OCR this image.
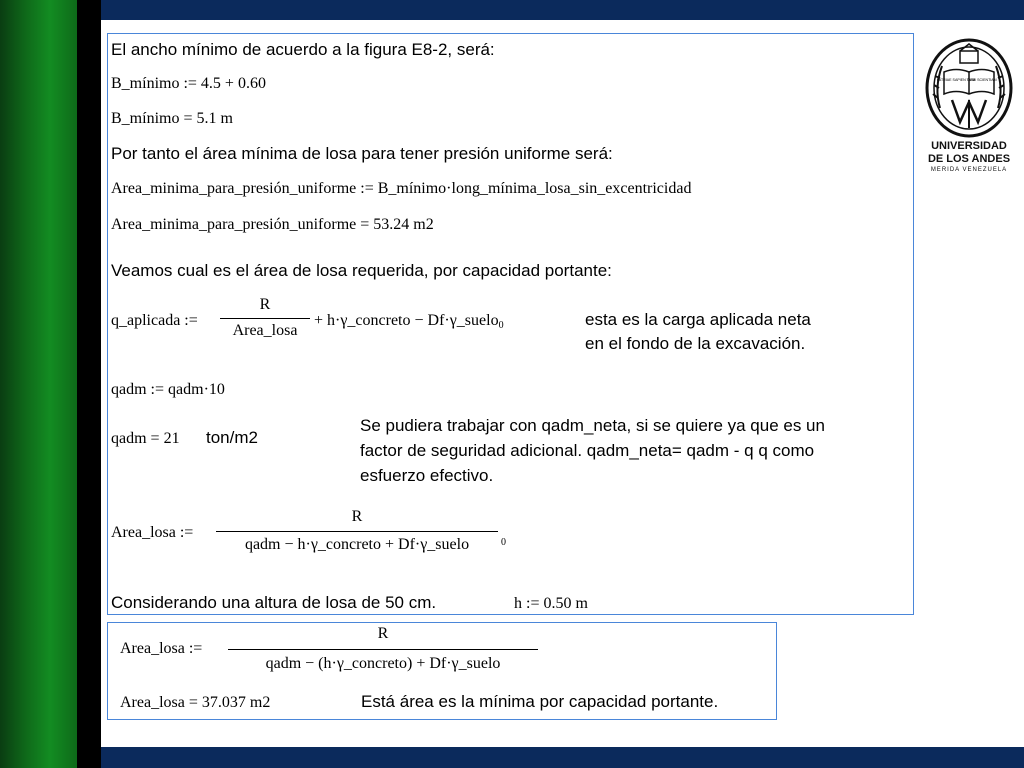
El ancho mínimo de acuerdo a la figura E8-2, será:
B_mínimo := 4.5 + 0.60
B_mínimo = 5.1 m
Por tanto el área mínima de losa para tener presión uniforme será:
Area_minima_para_presión_uniforme := B_mínimo·long_mínima_losa_sin_excentricidad
Area_minima_para_presión_uniforme = 53.24 m2
Veamos cual es el área de losa requerida, por capacidad portante:
q_aplicada :=
R
Area_losa
+ h·γ_concreto − Df·γ_suelo$_0$	esta es la carga aplicada neta
en el fondo de la excavación.
qadm := qadm·10
qadm = 21 ton/m2
Se pudiera trabajar con qadm_neta, si se quiere ya que es un
factor de seguridad adicional. qadm_neta= qadm - q q como
esfuerzo efectivo.
Area_losa :=
R
qadm − h·γ_concreto + Df·γ_suelo	$_0$
Considerando una altura de losa de 50 cm.	h := 0.50 m
Area_losa :=
R
qadm − (h·γ_concreto) + Df·γ_suelo
Area_losa = 37.037 m2	Está área es la mínima por capacidad portante.
PATRIAE SAPIEN TIAM
ORBI SCIENTIAM
UNIVERSIDAD
DE LOS ANDES
MERIDA VENEZUELA
